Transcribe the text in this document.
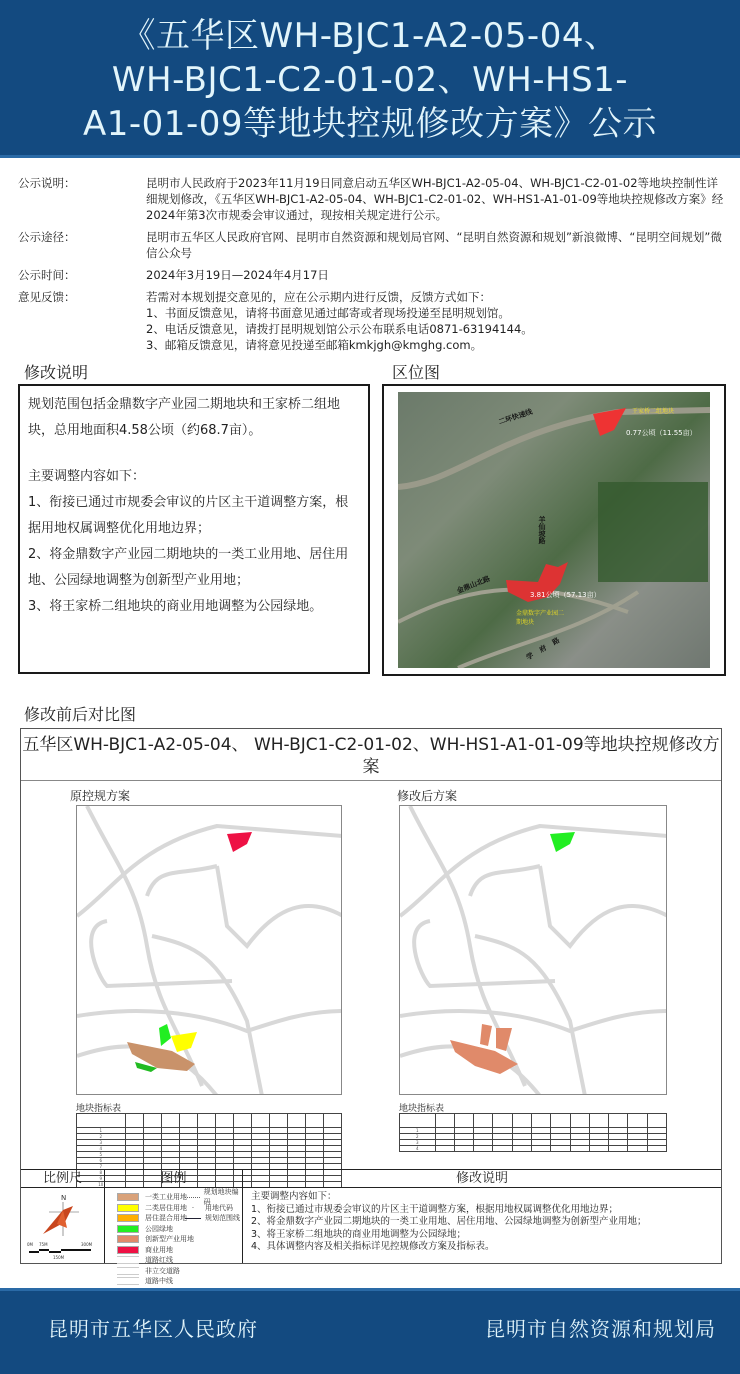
《五华区WH-BJC1-A2-05-04、
WH-BJC1-C2-01-02、WH-HS1-
A1-01-09等地块控规修改方案》公示
公示说明：	昆明市人民政府于2023年11月19日同意启动五华区WH-BJC1-A2-05-04、WH-BJC1-C2-01-02等地块控制性详细规划修改，《五华区WH-BJC1-A2-05-04、WH-BJC1-C2-01-02、WH-HS1-A1-01-09等地块控规修改方案》经2024年第3次市规委会审议通过，现按相关规定进行公示。
公示途径：	昆明市五华区人民政府官网、昆明市自然资源和规划局官网、“昆明自然资源和规划”新浪微博、“昆明空间规划”微信公众号
公示时间：	2024年3月19日—2024年4月17日
意见反馈：	若需对本规划提交意见的，应在公示期内进行反馈，反馈方式如下：
1、书面反馈意见，请将书面意见通过邮寄或者现场投递至昆明规划馆。
2、电话反馈意见，请拨打昆明规划馆公示公布联系电话0871-63194144。
3、邮箱反馈意见，请将意见投递至邮箱kmkjgh@kmghg.com。
修改说明

规划范围包括金鼎数字产业园二期地块和王家桥二组地块，总用地面积4.58公顷（约68.7亩）。

主要调整内容如下：

1、衔接已通过市规委会审议的片区主干道调整方案，根据用地权属调整优化用地边界；

2、将金鼎数字产业园二期地块的一类工业用地、居住用地、公园绿地调整为创新型产业用地；

3、将王家桥二组地块的商业用地调整为公园绿地。

区位图
二环快速线	王家桥二组地块
0.77公顷（11.55亩）
羊仙坡路
金鼎山北路	3.81公顷（57.13亩）
金鼎数字产业园二期地块
学府路
修改前后对比图
五华区WH-BJC1-A2-05-04、 WH-BJC1-C2-01-02、WH-HS1-A1-01-09等地块控规修改方案
原控规方案	修改后方案
地块指标表

1												
2												
3												
4												
5												
6												
7												
8												
9												
10												
地块指标表

1												
2												
3												
4												
比例尺
N
0M 75M	300M
150M
图例
一类工业用地
二类居住用地
居住混合用地
公园绿地
创新型产业用地
商业用地
道路红线
非立交道路
道路中线
规划地块编码
·	用地代码
规划范围线
修改说明
主要调整内容如下：
1、衔接已通过市规委会审议的片区主干道调整方案，根据用地权属调整优化用地边界；
2、将金鼎数字产业园二期地块的一类工业用地、居住用地、公园绿地调整为创新型产业用地；
3、将王家桥二组地块的商业用地调整为公园绿地；
4、具体调整内容及相关指标详见控规修改方案及指标表。
昆明市五华区人民政府	昆明市自然资源和规划局
